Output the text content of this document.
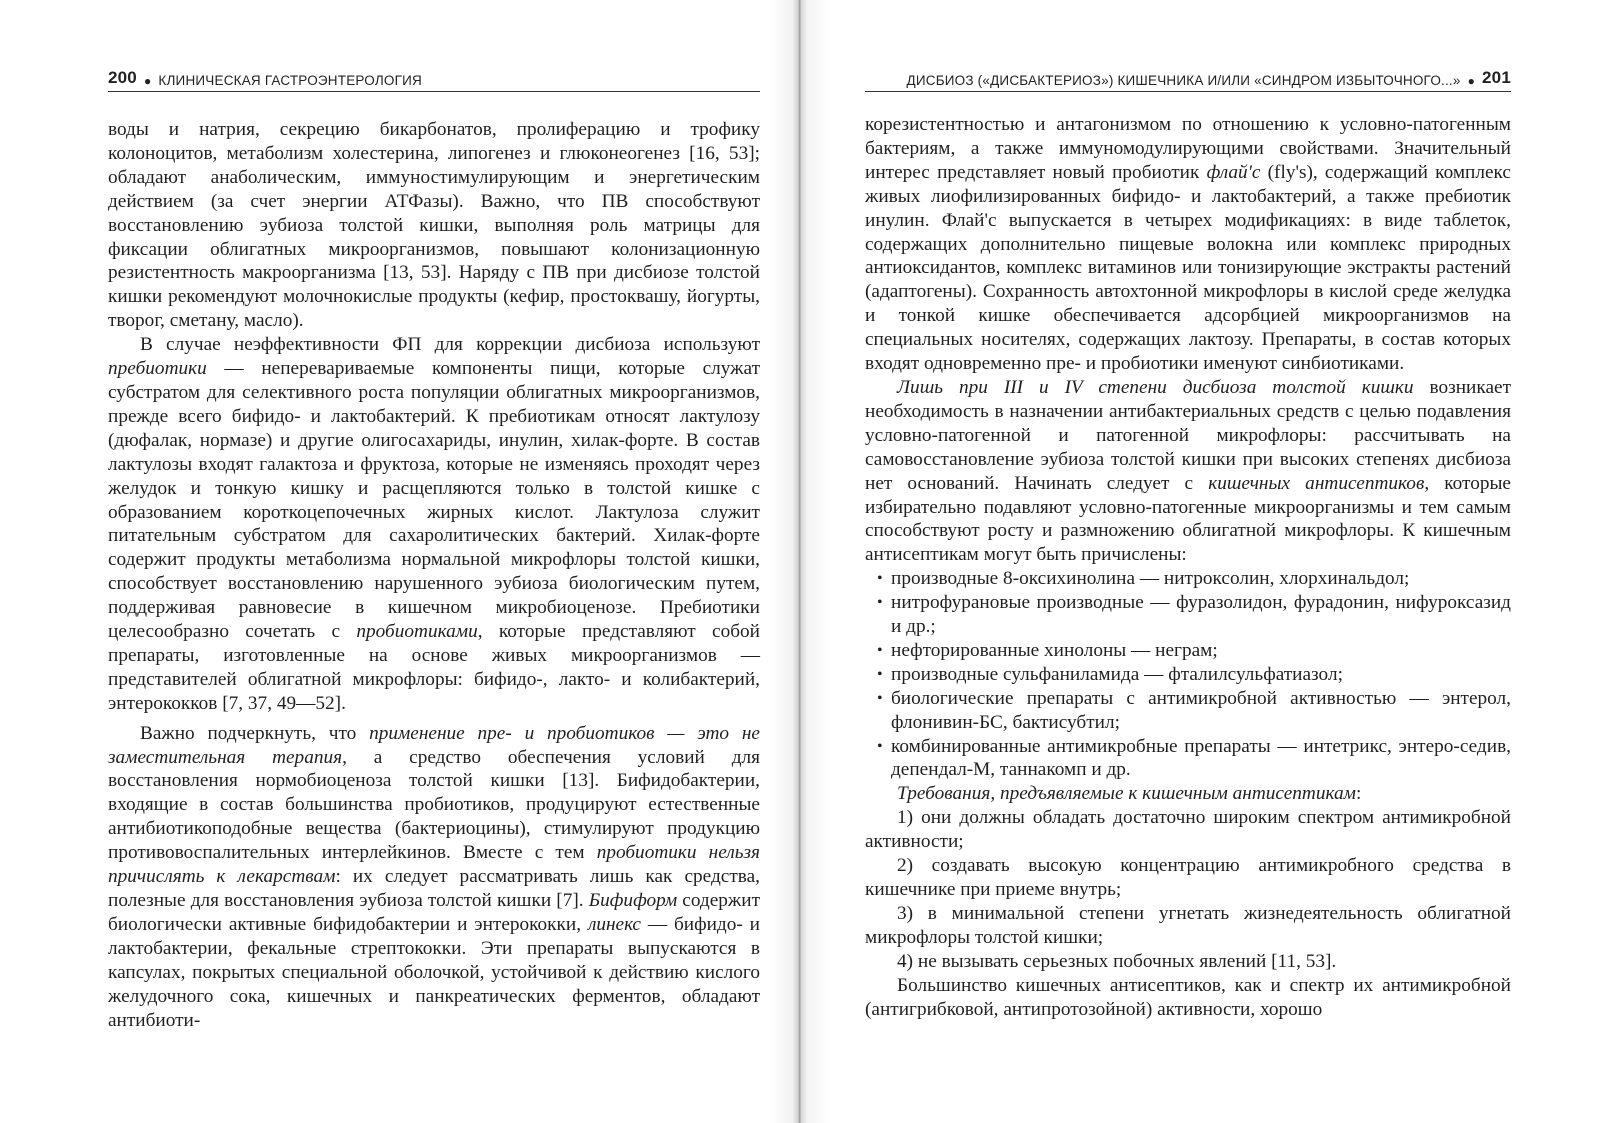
200 ● КЛИНИЧЕСКАЯ ГАСТРОЭНТЕРОЛОГИЯ

воды и натрия, секрецию бикарбонатов, пролиферацию и трофику колоноцитов, метаболизм холестерина, липогенез и глюконеогенез [16, 53]; обладают анаболическим, иммуностимулирующим и энергетическим действием (за счет энергии АТФазы). Важно, что ПВ способствуют восстановлению эубиоза толстой кишки, выполняя роль матрицы для фиксации облигатных микроорганизмов, повышают колонизационную резистентность макроорганизма [13, 53]. Наряду с ПВ при дисбиозе толстой кишки рекомендуют молочнокислые продукты (кефир, простоквашу, йогурты, творог, сметану, масло).

В случае неэффективности ФП для коррекции дисбиоза используют пребиотики — неперевариваемые компоненты пищи, которые служат субстратом для селективного роста популяции облигатных микроорганизмов, прежде всего бифидо- и лактобактерий. К пребиотикам относят лактулозу (дюфалак, нормазе) и другие олигосахариды, инулин, хилак-форте. В состав лактулозы входят галактоза и фруктоза, которые не изменяясь проходят через желудок и тонкую кишку и расщепляются только в толстой кишке с образованием короткоцепочечных жирных кислот. Лактулоза служит питательным субстратом для сахаролитических бактерий. Хилак-форте содержит продукты метаболизма нормальной микрофлоры толстой кишки, способствует восстановлению нарушенного эубиоза биологическим путем, поддерживая равновесие в кишечном микробиоценозе. Пребиотики целесообразно сочетать с пробиотиками, которые представляют собой препараты, изготовленные на основе живых микроорганизмов — представителей облигатной микрофлоры: бифидо-, лакто- и колибактерий, энтерококков [7, 37, 49—52].

Важно подчеркнуть, что применение пре- и пробиотиков — это не заместительная терапия, а средство обеспечения условий для восстановления нормобиоценоза толстой кишки [13]. Бифидобактерии, входящие в состав большинства пробиотиков, продуцируют естественные антибиотикоподобные вещества (бактериоцины), стимулируют продукцию противовоспалительных интерлейкинов. Вместе с тем пробиотики нельзя причислять к лекарствам: их следует рассматривать лишь как средства, полезные для восстановления эубиоза толстой кишки [7]. Бифиформ содержит биологически активные бифидобактерии и энтерококки, линекс — бифидо- и лактобактерии, фекальные стрептококки. Эти препараты выпускаются в капсулах, покрытых специальной оболочкой, устойчивой к действию кислого желудочного сока, кишечных и панкреатических ферментов, обладают антибиоти-

ДИСБИОЗ («ДИСБАКТЕРИОЗ») КИШЕЧНИКА И/ИЛИ «СИНДРОМ ИЗБЫТОЧНОГО...» ● 201

корезистентностью и антагонизмом по отношению к условно-патогенным бактериям, а также иммуномодулирующими свойствами. Значительный интерес представляет новый пробиотик флай'с (fly's), содержащий комплекс живых лиофилизированных бифидо- и лактобактерий, а также пребиотик инулин. Флай'с выпускается в четырех модификациях: в виде таблеток, содержащих дополнительно пищевые волокна или комплекс природных антиоксидантов, комплекс витаминов или тонизирующие экстракты растений (адаптогены). Сохранность автохтонной микрофлоры в кислой среде желудка и тонкой кишке обеспечивается адсорбцией микроорганизмов на специальных носителях, содержащих лактозу. Препараты, в состав которых входят одновременно пре- и пробиотики именуют синбиотиками.

Лишь при III и IV степени дисбиоза толстой кишки возникает необходимость в назначении антибактериальных средств с целью подавления условно-патогенной и патогенной микрофлоры: рассчитывать на самовосстановление эубиоза толстой кишки при высоких степенях дисбиоза нет оснований. Начинать следует с кишечных антисептиков, которые избирательно подавляют условно-патогенные микроорганизмы и тем самым способствуют росту и размножению облигатной микрофлоры. К кишечным антисептикам могут быть причислены:

• производные 8-оксихинолина — нитроксолин, хлорхинальдол;
• нитрофурановые производные — фуразолидон, фурадонин, нифуроксазид и др.;
• нефторированные хинолоны — неграм;
• производные сульфаниламида — фталилсульфатиазол;
• биологические препараты с антимикробной активностью — энтерол, флонивин-БС, бактисубтил;
• комбинированные антимикробные препараты — интетрикс, энтеро-седив, депендал-М, таннакомп и др.

Требования, предъявляемые к кишечным антисептикам:

1) они должны обладать достаточно широким спектром антимикробной активности;

2) создавать высокую концентрацию антимикробного средства в кишечнике при приеме внутрь;

3) в минимальной степени угнетать жизнедеятельность облигатной микрофлоры толстой кишки;

4) не вызывать серьезных побочных явлений [11, 53].

Большинство кишечных антисептиков, как и спектр их антимикробной (антигрибковой, антипротозойной) активности, хорошо
